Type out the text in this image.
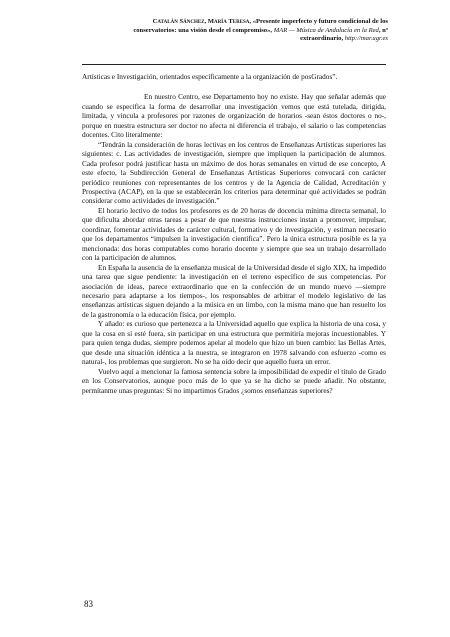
Catalán Sánchez, María Teresa, «Presente imperfecto y futuro condicional de los
conservatorios: una visión desde el compromiso», MAR — Música de Andalucía en la Red, nº
extraordinario, http://mar.ugr.es

Artísticas e Investigación, orientados específicamente a la organización de posGrados”.

En nuestro Centro, ese Departamento hoy no existe. Hay que señalar además que cuando se especifica la forma de desarrollar una investigación vemos que está tutelada, dirigida, limitada, y vincula a profesores por razones de organización de horarios -sean éstos doctores o no-, porque en nuestra estructura ser doctor no afecta ni diferencia el trabajo, el salario o las competencias docentes. Cito literalmente:

“Tendrán la consideración de horas lectivas en los centros de Enseñanzas Artísticas superiores las siguientes: c. Las actividades de investigación, siempre que impliquen la participación de alumnos. Cada profesor podrá justificar hasta un máximo de dos horas semanales en virtud de ese concepto, A este efecto, la Subdirección General de Enseñanzas Artísticas Superiores convocará con carácter periódico reuniones con representantes de los centros y de la Agencia de Calidad, Acreditación y Prospectiva (ACAP), en la que se establecerán los criterios para determinar qué actividades se podrán considerar como actividades de investigación.”

El horario lectivo de todos los profesores es de 20 horas de docencia mínima directa semanal, lo que dificulta abordar otras tareas a pesar de que nuestras instrucciones instan a promover, impulsar, coordinar, fomentar actividades de carácter cultural, formativo y de investigación, y estiman necesario que los departamentos “impulsen la investigación científica”. Pero la única estructura posible es la ya mencionada: dos horas computables como horario docente y siempre que sea un trabajo desarrollado con la participación de alumnos.

En España la ausencia de la enseñanza musical de la Universidad desde el siglo XIX, ha impedido una tarea que sigue pendiente: la investigación en el terreno específico de sus competencias. Por asociación de ideas, parece extraordinario que en la confección de un mundo nuevo —siempre necesario para adaptarse a los tiempos-, los responsables de arbitrar el modelo legislativo de las enseñanzas artísticas siguen dejando a la música en un limbo, con la misma mano que han resuelto los de la gastronomía o la educación física, por ejemplo.

Y añado: es curioso que pertenezca a la Universidad aquello que explica la historia de una cosa, y que la cosa en sí esté fuera, sin participar en una estructura que permitiría mejoras incuestionables. Y para quien tenga dudas, siempre podemos apelar al modelo que hizo un buen cambio: las Bellas Artes, que desde una situación idéntica a la nuestra, se integraron en 1978 salvando con esfuerzo -como es natural-, los problemas que surgieron. No se ha oído decir que aquello fuera un error.

Vuelvo aquí a mencionar la famosa sentencia sobre la imposibilidad de expedir el título de Grado en los Conservatorios, aunque poco más de lo que ya se ha dicho se puede añadir. No obstante, permítanme unas preguntas: Si no impartimos Grados ¿somos enseñanzas superiores?

83
